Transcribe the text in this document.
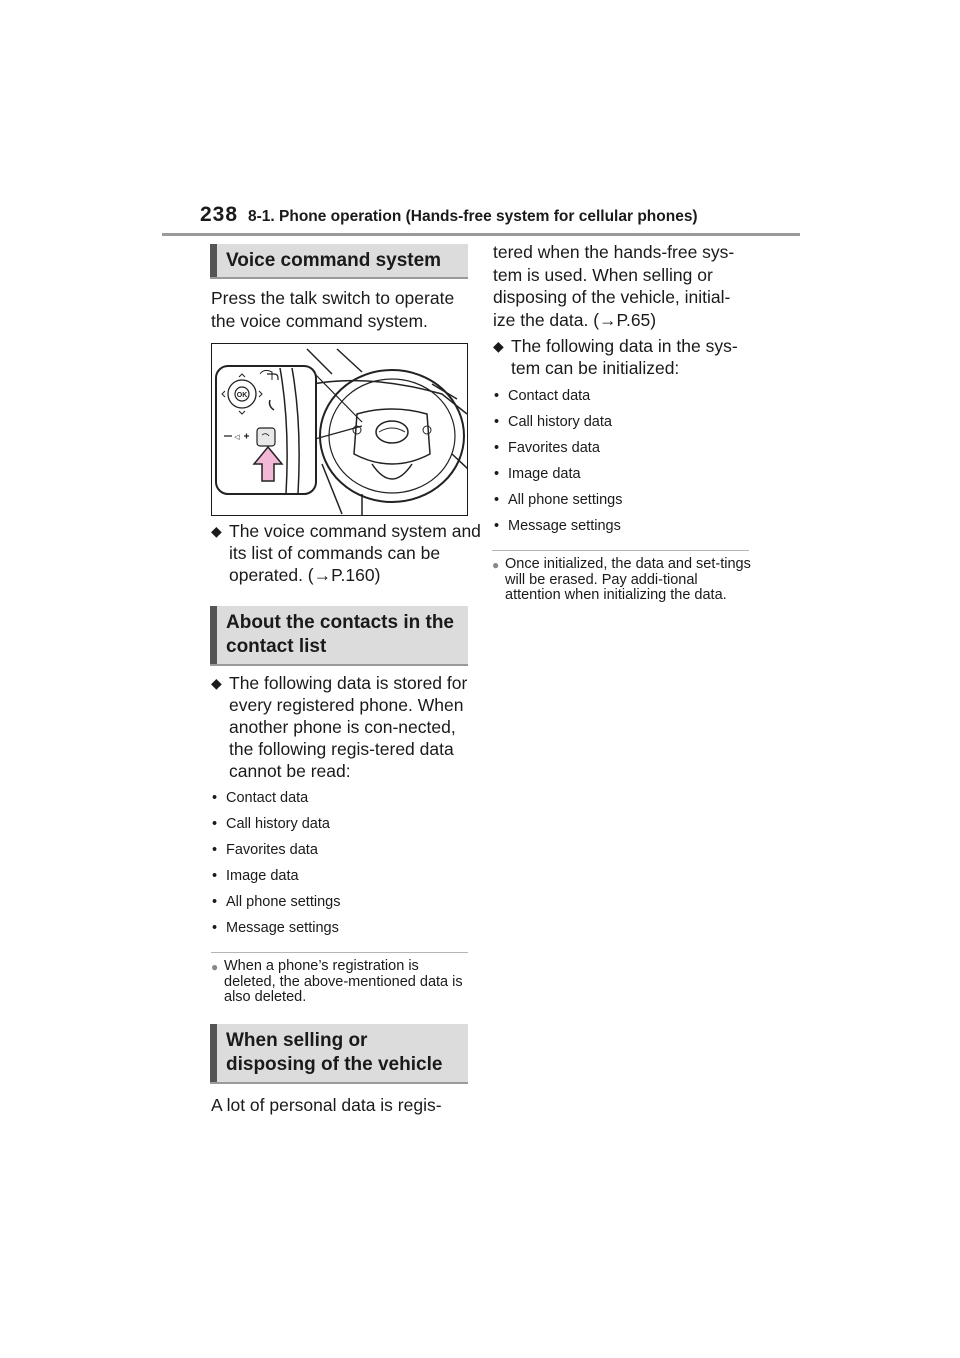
238 8-1. Phone operation (Hands-free system for cellular phones)
Voice command system
Press the talk switch to operate the voice command system.
OK
◁
◆ The voice command system and its list of commands can be operated. (→P.160)
About the contacts in the contact list
◆ The following data is stored for every registered phone. When another phone is con-nected, the following regis-tered data cannot be read:
• Contact data
• Call history data
• Favorites data
• Image data
• All phone settings
• Message settings
● When a phone’s registration is deleted, the above-mentioned data is also deleted.
When selling or disposing of the vehicle
A lot of personal data is regis-
tered when the hands-free sys-tem is used. When selling or disposing of the vehicle, initial-ize the data. (→P.65)
◆ The following data in the sys-tem can be initialized:
• Contact data
• Call history data
• Favorites data
• Image data
• All phone settings
• Message settings
● Once initialized, the data and set-tings will be erased. Pay addi-tional attention when initializing the data.
